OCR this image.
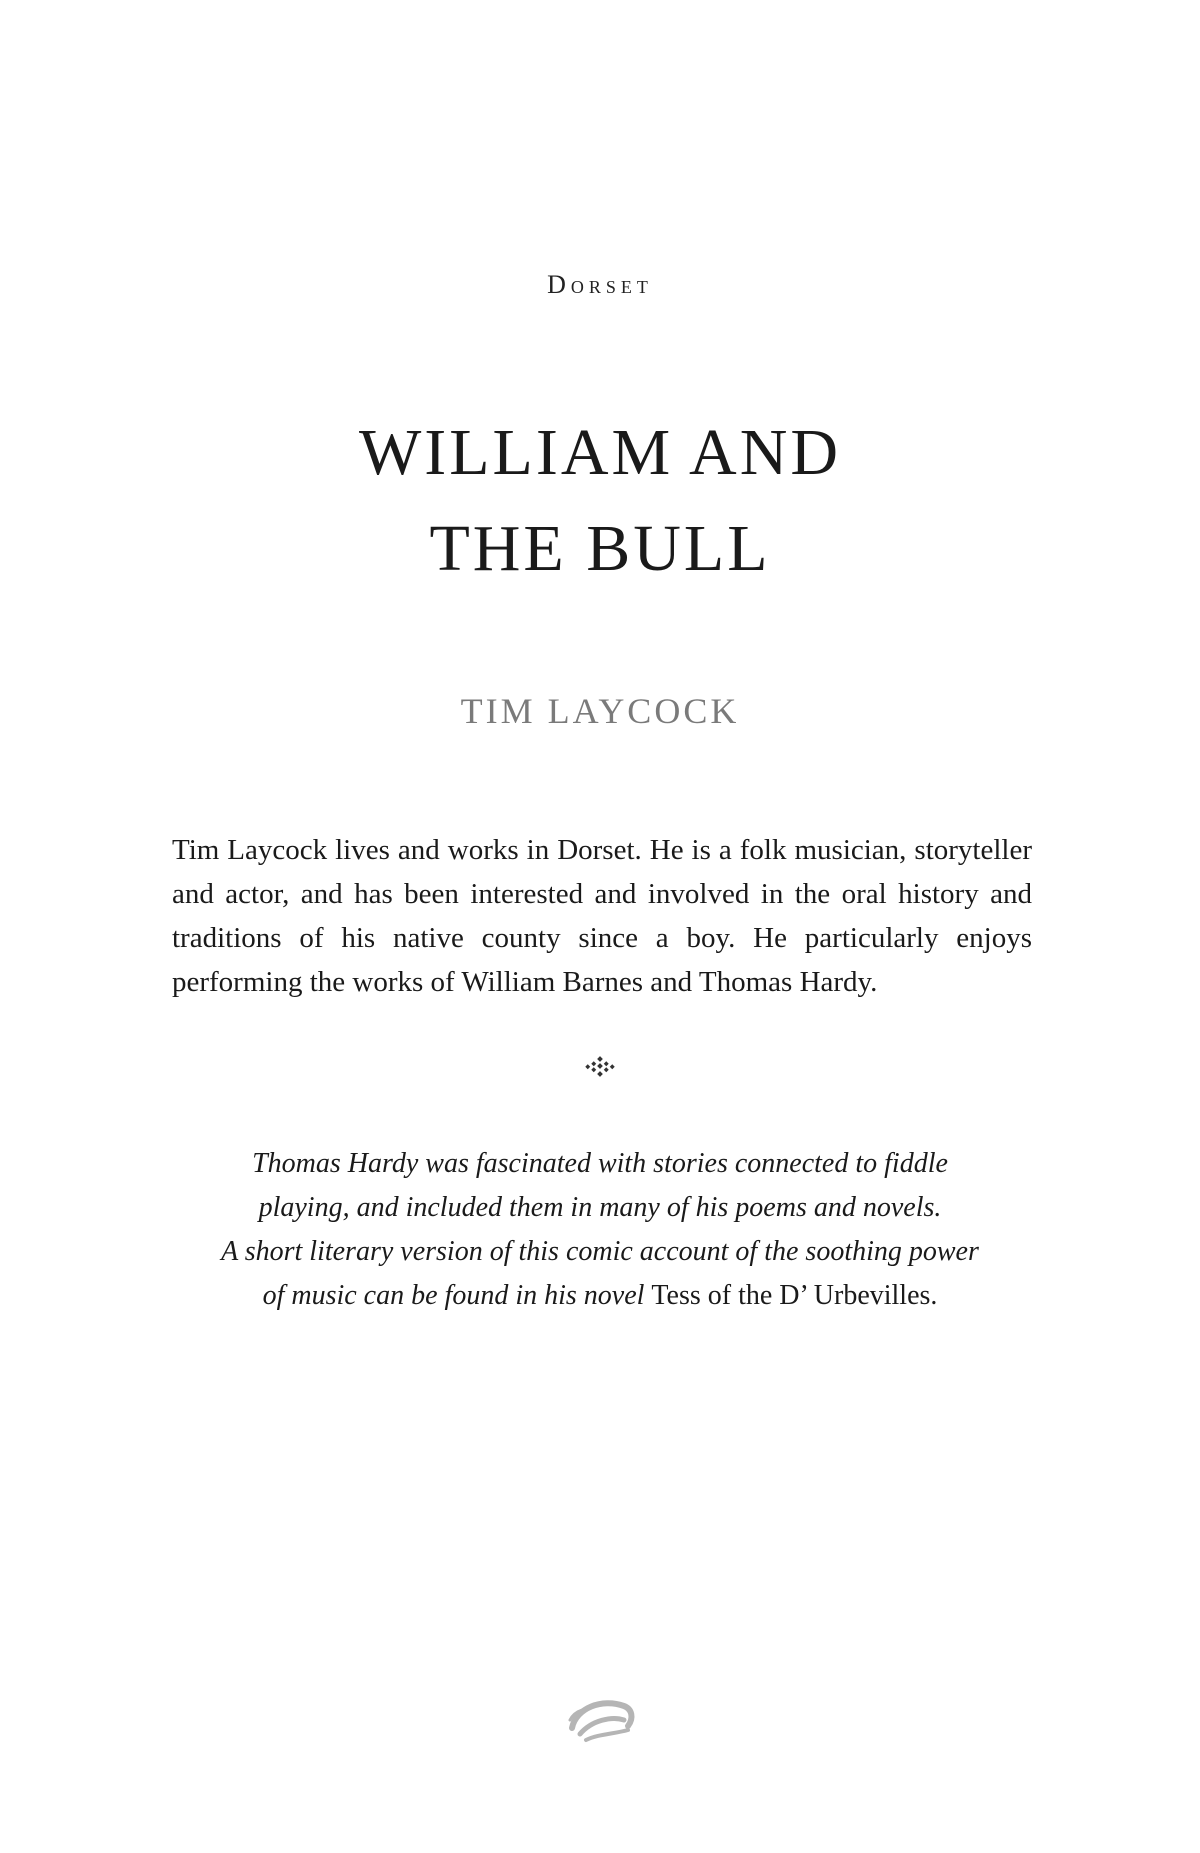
Dorset
WILLIAM AND
THE BULL
TIM LAYCOCK

Tim Laycock lives and works in Dorset. He is a folk musician, storyteller and actor, and has been interested and involved in the oral history and traditions of his native county since a boy. He particularly enjoys performing the works of William Barnes and Thomas Hardy.

Thomas Hardy was fascinated with stories connected to fiddle
playing, and included them in many of his poems and novels.
A short literary version of this comic account of the soothing power
of music can be found in his novel Tess of the D’ Urbevilles.
